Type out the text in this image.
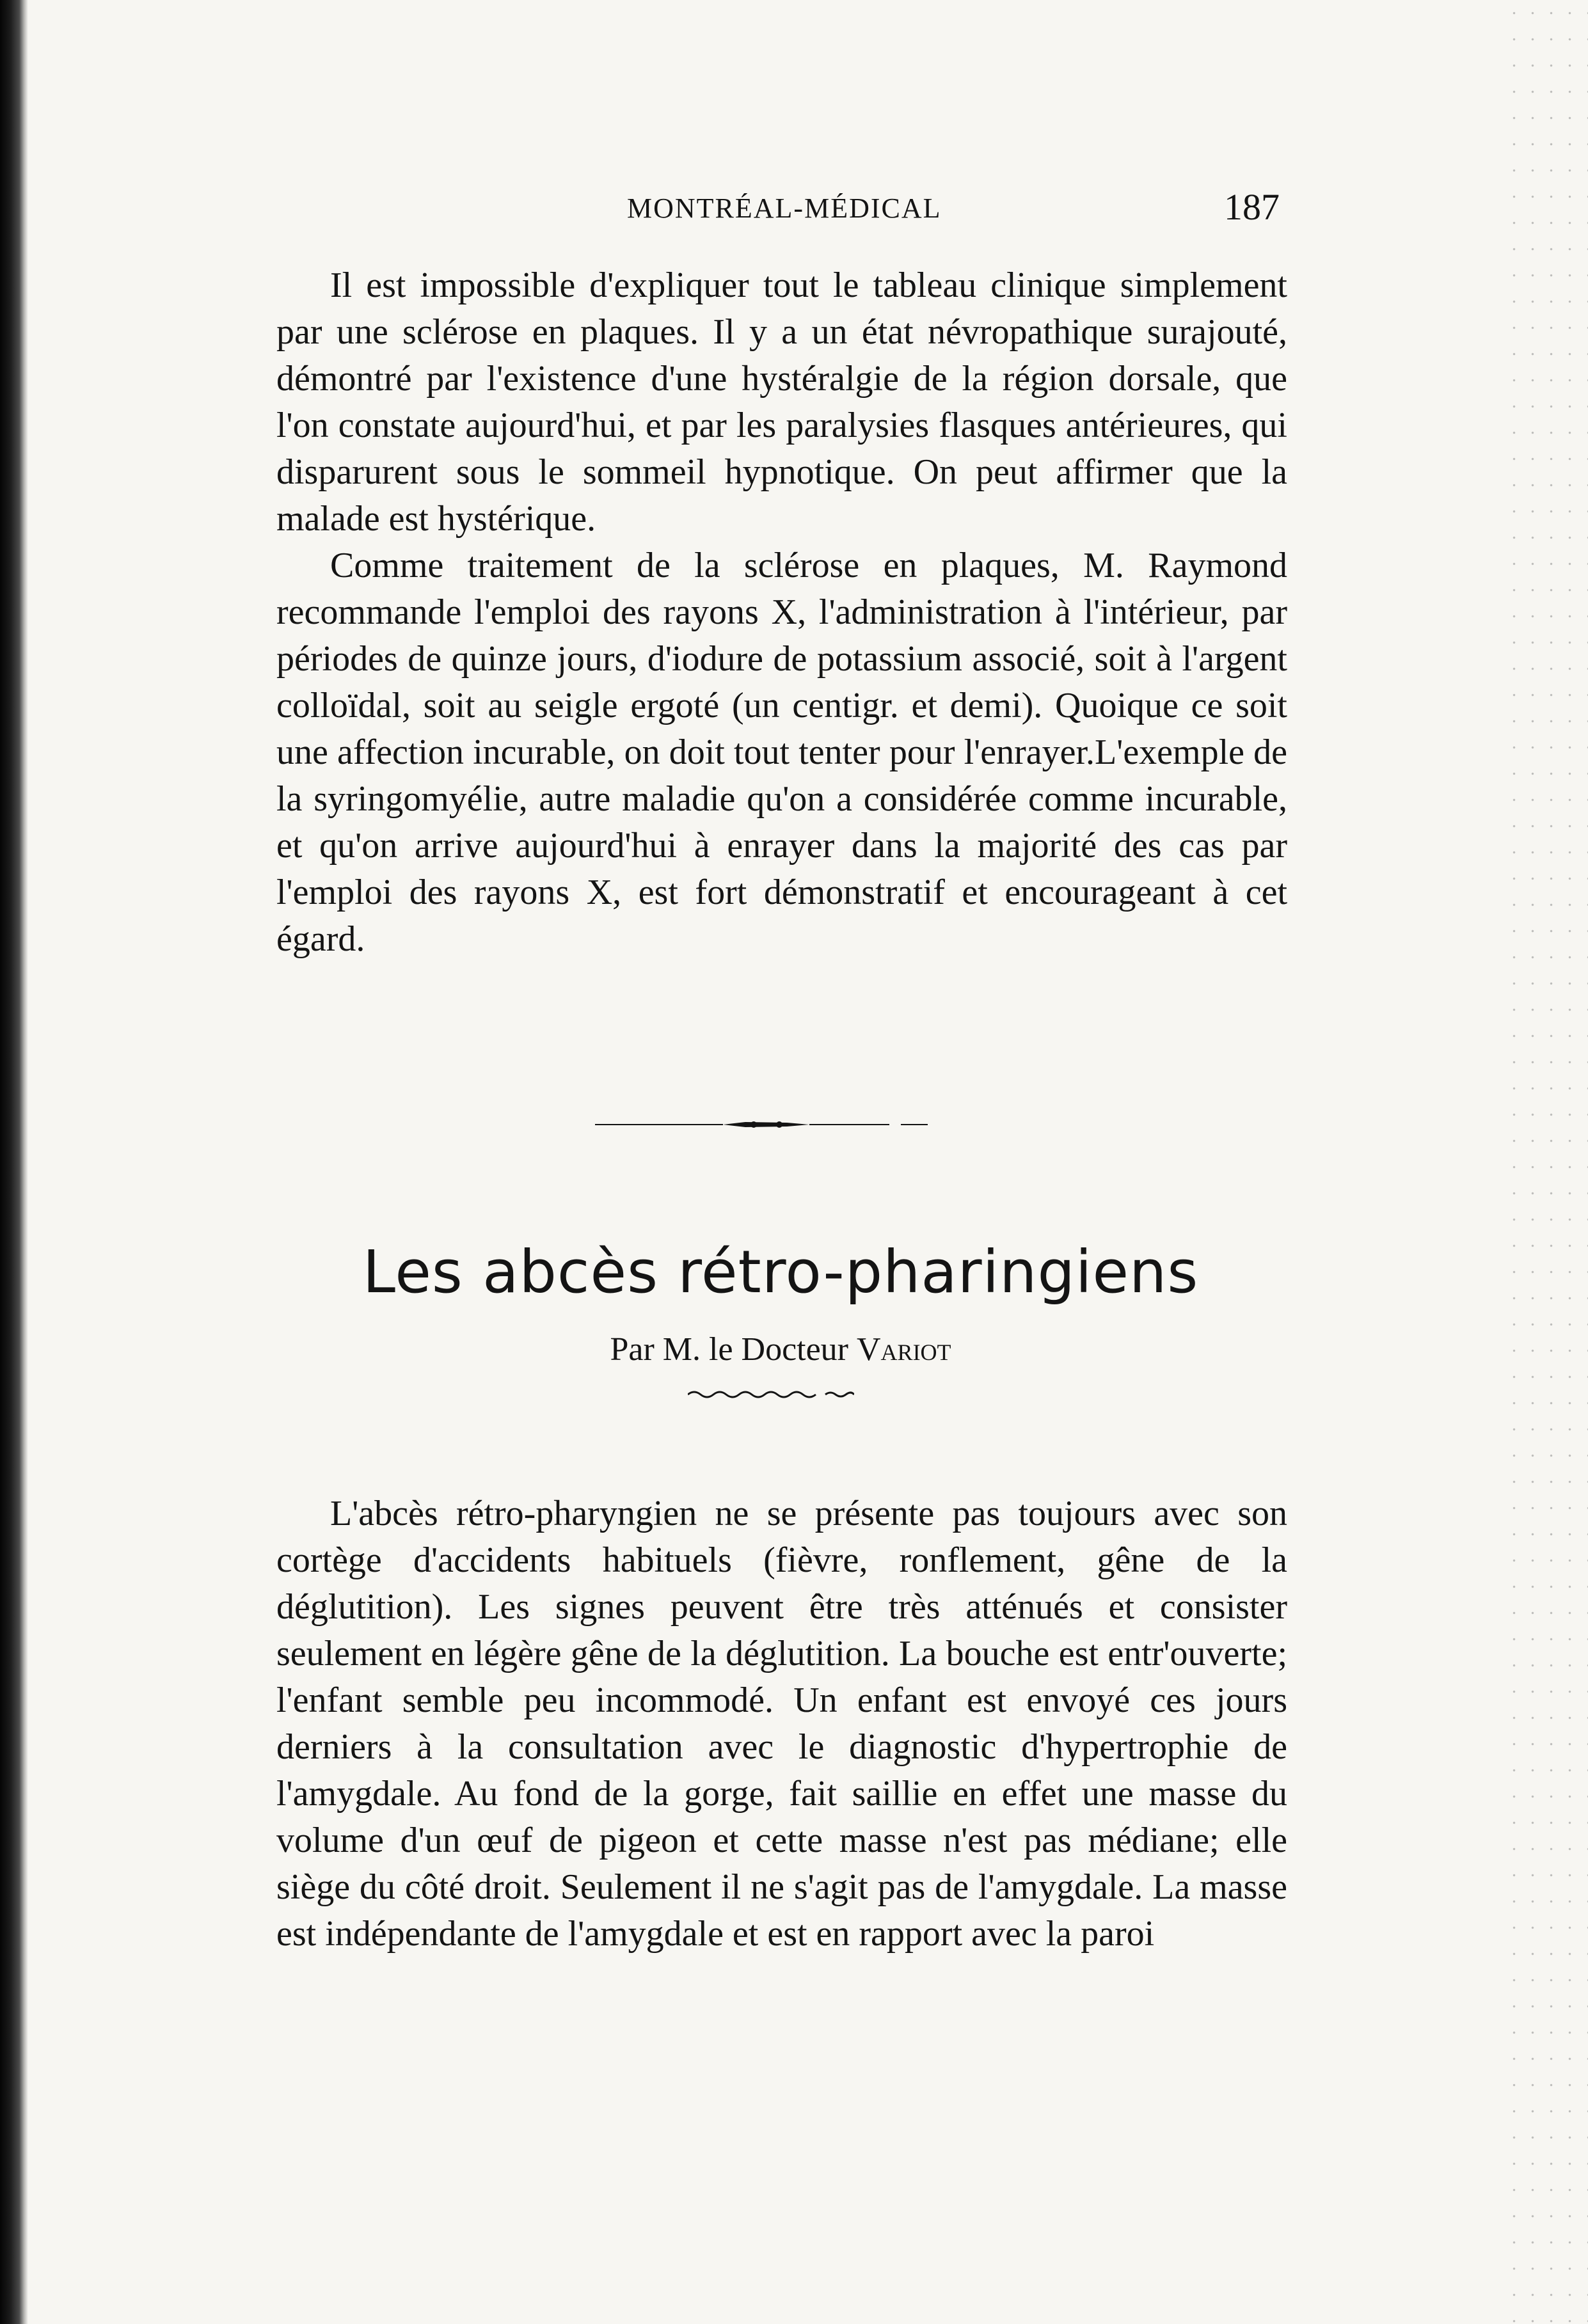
MONTRÉAL-MÉDICAL	187

Il est impossible d'expliquer tout le tableau clinique simplement par une sclérose en plaques. Il y a un état névropathique surajouté, démontré par l'existence d'une hystéralgie de la région dorsale, que l'on constate aujourd'hui, et par les paralysies flasques antérieures, qui disparurent sous le sommeil hypnotique. On peut affirmer que la malade est hystérique.

Comme traitement de la sclérose en plaques, M. Raymond recommande l'emploi des rayons X, l'administration à l'intérieur, par périodes de quinze jours, d'iodure de potassium associé, soit à l'argent colloïdal, soit au seigle ergoté (un centigr. et demi). Quoique ce soit une affection incurable, on doit tout tenter pour l'enrayer.L'exemple de la syringomyélie, autre maladie qu'on a considérée comme incurable, et qu'on arrive aujourd'hui à enrayer dans la majorité des cas par l'emploi des rayons X, est fort démonstratif et encourageant à cet égard.

Les abcès rétro-pharingiens
Par M. le Docteur Variot

L'abcès rétro-pharyngien ne se présente pas toujours avec son cortège d'accidents habituels (fièvre, ronflement, gêne de la déglutition). Les signes peuvent être très atténués et consister seulement en légère gêne de la déglutition. La bouche est entr'ouverte; l'enfant semble peu incommodé. Un enfant est envoyé ces jours derniers à la consultation avec le diagnostic d'hypertrophie de l'amygdale. Au fond de la gorge, fait saillie en effet une masse du volume d'un œuf de pigeon et cette masse n'est pas médiane; elle siège du côté droit. Seulement il ne s'agit pas de l'amygdale. La masse est indépendante de l'amygdale et est en rapport avec la paroi
